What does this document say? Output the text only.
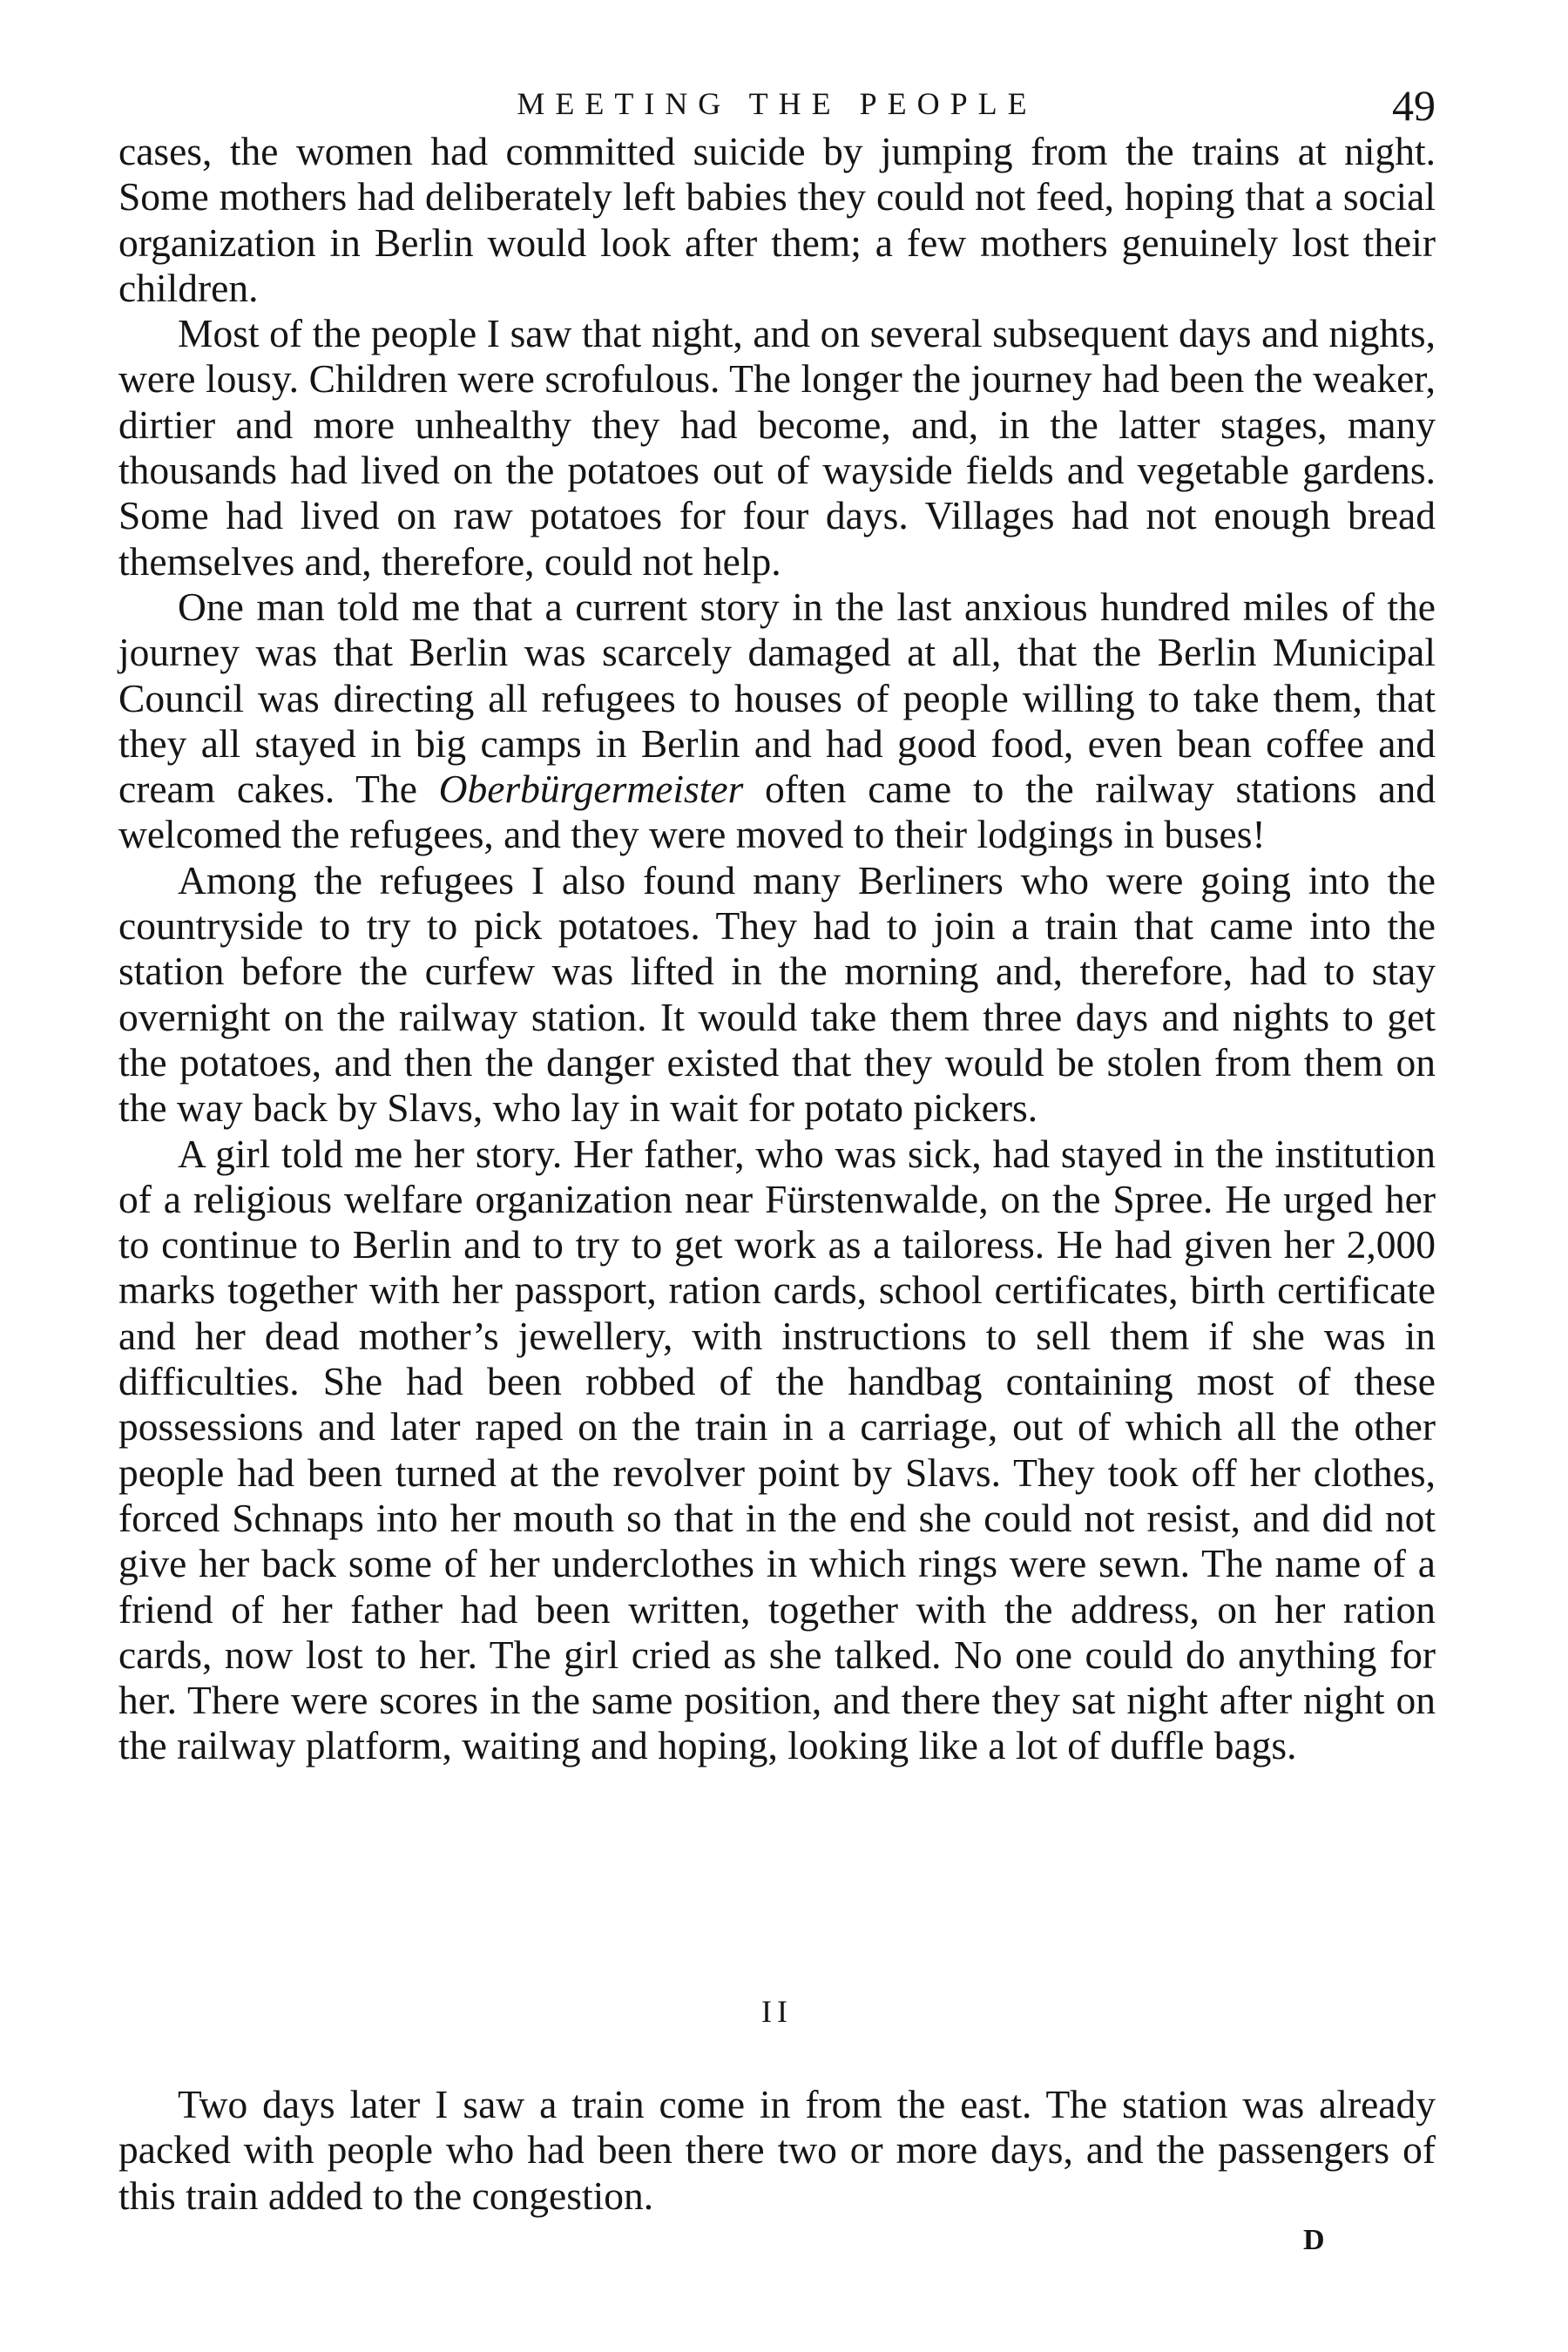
MEETING THE PEOPLE	49

cases, the women had committed suicide by jumping from the trains at night. Some mothers had deliberately left babies they could not feed, hoping that a social organization in Berlin would look after them; a few mothers genuinely lost their children.

Most of the people I saw that night, and on several subsequent days and nights, were lousy. Children were scrofulous. The longer the journey had been the weaker, dirtier and more unhealthy they had become, and, in the latter stages, many thousands had lived on the potatoes out of wayside fields and vegetable gardens. Some had lived on raw potatoes for four days. Villages had not enough bread themselves and, therefore, could not help.

One man told me that a current story in the last anxious hundred miles of the journey was that Berlin was scarcely damaged at all, that the Berlin Municipal Council was directing all refugees to houses of people willing to take them, that they all stayed in big camps in Berlin and had good food, even bean coffee and cream cakes. The Oberbürgermeister often came to the railway stations and welcomed the refugees, and they were moved to their lodgings in buses!

Among the refugees I also found many Berliners who were going into the countryside to try to pick potatoes. They had to join a train that came into the station before the curfew was lifted in the morning and, therefore, had to stay overnight on the railway station. It would take them three days and nights to get the potatoes, and then the danger existed that they would be stolen from them on the way back by Slavs, who lay in wait for potato pickers.

A girl told me her story. Her father, who was sick, had stayed in the institution of a religious welfare organization near Fürstenwalde, on the Spree. He urged her to continue to Berlin and to try to get work as a tailoress. He had given her 2,000 marks together with her passport, ration cards, school certificates, birth certificate and her dead mother’s jewellery, with instructions to sell them if she was in difficulties. She had been robbed of the handbag containing most of these possessions and later raped on the train in a carriage, out of which all the other people had been turned at the revolver point by Slavs. They took off her clothes, forced Schnaps into her mouth so that in the end she could not resist, and did not give her back some of her underclothes in which rings were sewn. The name of a friend of her father had been written, together with the address, on her ration cards, now lost to her. The girl cried as she talked. No one could do anything for her. There were scores in the same position, and there they sat night after night on the railway platform, waiting and hoping, looking like a lot of duffle bags.

II

Two days later I saw a train come in from the east. The station was already packed with people who had been there two or more days, and the passengers of this train added to the congestion.

D
